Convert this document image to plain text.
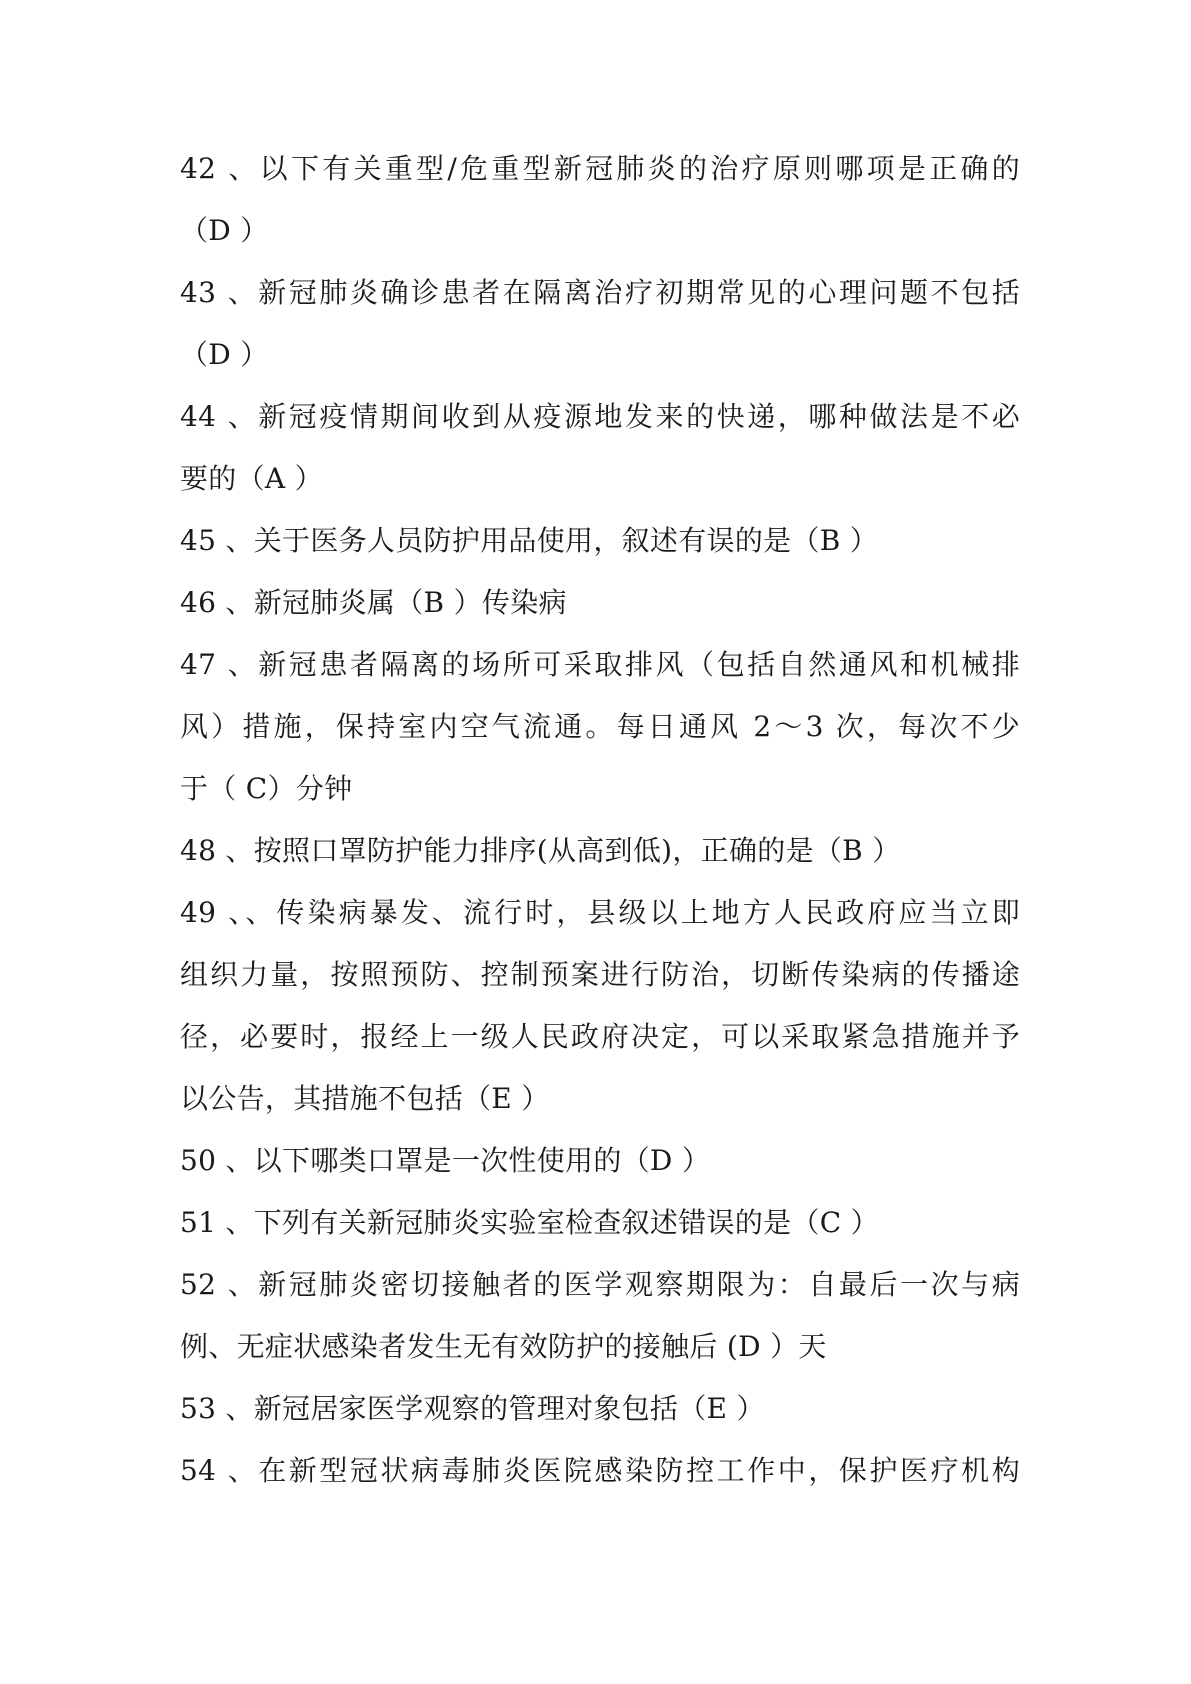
42 、以下有关重型/危重型新冠肺炎的治疗原则哪项是正确的
（D ）
43 、新冠肺炎确诊患者在隔离治疗初期常见的心理问题不包括
（D ）
44 、新冠疫情期间收到从疫源地发来的快递，哪种做法是不必
要的（A ）
45 、关于医务人员防护用品使用，叙述有误的是（B ）
46 、新冠肺炎属（B ）传染病
47 、新冠患者隔离的场所可采取排风（包括自然通风和机械排
风）措施，保持室内空气流通。每日通风 2～3 次，每次不少
于（ C）分钟
48 、按照口罩防护能力排序(从高到低)，正确的是（B ）
49 、、传染病暴发、流行时，县级以上地方人民政府应当立即
组织力量，按照预防、控制预案进行防治，切断传染病的传播途
径，必要时，报经上一级人民政府决定，可以采取紧急措施并予
以公告，其措施不包括（E ）
50 、以下哪类口罩是一次性使用的（D ）
51 、下列有关新冠肺炎实验室检查叙述错误的是（C ）
52 、新冠肺炎密切接触者的医学观察期限为：自最后一次与病
例、无症状感染者发生无有效防护的接触后 (D ）天
53 、新冠居家医学观察的管理对象包括（E ）
54 、在新型冠状病毒肺炎医院感染防控工作中，保护医疗机构
